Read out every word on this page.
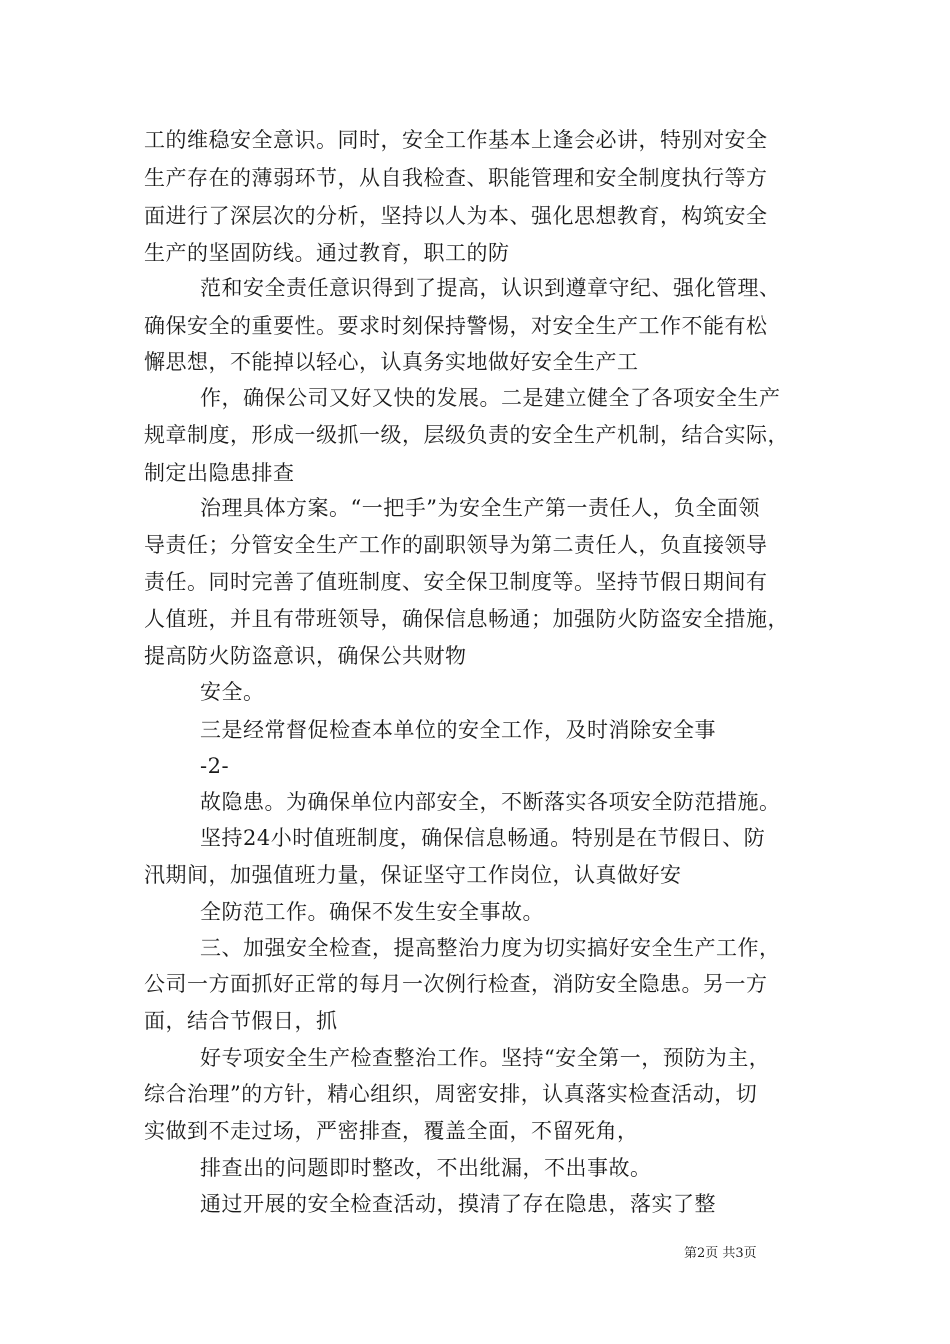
工的维稳安全意识。同时，安全工作基本上逢会必讲，特别对安全
生产存在的薄弱环节，从自我检查、职能管理和安全制度执行等方
面进行了深层次的分析，坚持以人为本、强化思想教育，构筑安全
生产的坚固防线。通过教育，职工的防
范和安全责任意识得到了提高，认识到遵章守纪、强化管理、
确保安全的重要性。要求时刻保持警惕，对安全生产工作不能有松
懈思想，不能掉以轻心，认真务实地做好安全生产工
作，确保公司又好又快的发展。二是建立健全了各项安全生产
规章制度，形成一级抓一级，层级负责的安全生产机制，结合实际，
制定出隐患排查
治理具体方案。“一把手”为安全生产第一责任人，负全面领
导责任；分管安全生产工作的副职领导为第二责任人，负直接领导
责任。同时完善了值班制度、安全保卫制度等。坚持节假日期间有
人值班，并且有带班领导，确保信息畅通；加强防火防盗安全措施，
提高防火防盗意识，确保公共财物
安全。
三是经常督促检查本单位的安全工作，及时消除安全事
-2-
故隐患。为确保单位内部安全，不断落实各项安全防范措施。
坚持24小时值班制度，确保信息畅通。特别是在节假日、防
汛期间，加强值班力量，保证坚守工作岗位，认真做好安
全防范工作。确保不发生安全事故。
三、加强安全检查，提高整治力度为切实搞好安全生产工作，
公司一方面抓好正常的每月一次例行检查，消防安全隐患。另一方
面，结合节假日，抓
好专项安全生产检查整治工作。坚持“安全第一，预防为主，
综合治理”的方针，精心组织，周密安排，认真落实检查活动，切
实做到不走过场，严密排查，覆盖全面，不留死角，
排查出的问题即时整改，不出纰漏，不出事故。
通过开展的安全检查活动，摸清了存在隐患，落实了整
第2页 共3页
